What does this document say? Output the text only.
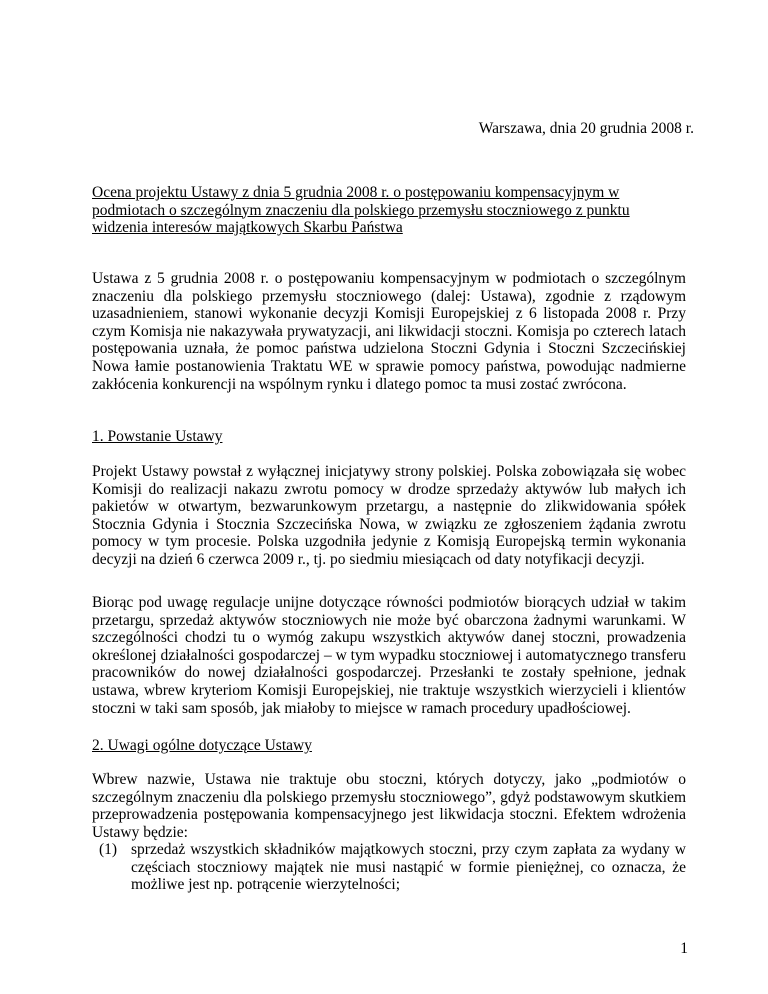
Warszawa, dnia 20 grudnia 2008 r.
Ocena projektu Ustawy z dnia 5 grudnia 2008 r. o postępowaniu kompensacyjnym w podmiotach o szczególnym znaczeniu dla polskiego przemysłu stoczniowego z punktu widzenia interesów majątkowych Skarbu Państwa

Ustawa z 5 grudnia 2008 r. o postępowaniu kompensacyjnym w podmiotach o szczególnym znaczeniu dla polskiego przemysłu stoczniowego (dalej: Ustawa), zgodnie z rządowym uzasadnieniem, stanowi wykonanie decyzji Komisji Europejskiej z 6 listopada 2008 r. Przy czym Komisja nie nakazywała prywatyzacji, ani likwidacji stoczni. Komisja po czterech latach postępowania uznała, że pomoc państwa udzielona Stoczni Gdynia i Stoczni Szczecińskiej Nowa łamie postanowienia Traktatu WE w sprawie pomocy państwa, powodując nadmierne zakłócenia konkurencji na wspólnym rynku i dlatego pomoc ta musi zostać zwrócona.

1. Powstanie Ustawy

Projekt Ustawy powstał z wyłącznej inicjatywy strony polskiej. Polska zobowiązała się wobec Komisji do realizacji nakazu zwrotu pomocy w drodze sprzedaży aktywów lub małych ich pakietów w otwartym, bezwarunkowym przetargu, a następnie do zlikwidowania spółek Stocznia Gdynia i Stocznia Szczecińska Nowa, w związku ze zgłoszeniem żądania zwrotu pomocy w tym procesie. Polska uzgodniła jedynie z Komisją Europejską termin wykonania decyzji na dzień 6 czerwca 2009 r., tj. po siedmiu miesiącach od daty notyfikacji decyzji.

Biorąc pod uwagę regulacje unijne dotyczące równości podmiotów biorących udział w takim przetargu, sprzedaż aktywów stoczniowych nie może być obarczona żadnymi warunkami. W szczególności chodzi tu o wymóg zakupu wszystkich aktywów danej stoczni, prowadzenia określonej działalności gospodarczej – w tym wypadku stoczniowej i automatycznego transferu pracowników do nowej działalności gospodarczej. Przesłanki te zostały spełnione, jednak ustawa, wbrew kryteriom Komisji Europejskiej, nie traktuje wszystkich wierzycieli i klientów stoczni w taki sam sposób, jak miałoby to miejsce w ramach procedury upadłościowej.

2. Uwagi ogólne dotyczące Ustawy

Wbrew nazwie, Ustawa nie traktuje obu stoczni, których dotyczy, jako „podmiotów o szczególnym znaczeniu dla polskiego przemysłu stoczniowego”, gdyż podstawowym skutkiem przeprowadzenia postępowania kompensacyjnego jest likwidacja stoczni. Efektem wdrożenia Ustawy będzie:

(1) sprzedaż wszystkich składników majątkowych stoczni, przy czym zapłata za wydany w częściach stoczniowy majątek nie musi nastąpić w formie pieniężnej, co oznacza, że możliwe jest np. potrącenie wierzytelności;
1
